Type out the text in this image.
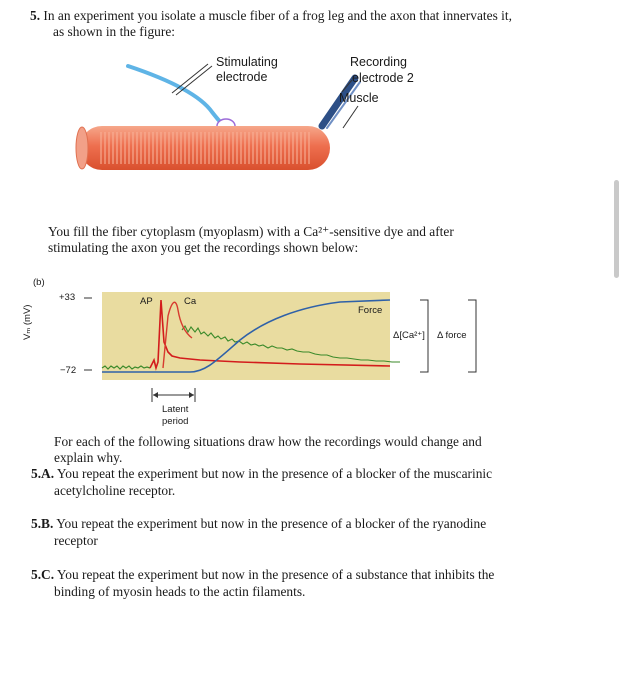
5. In an experiment you isolate a muscle fiber of a frog leg and the axon that innervates it,
as shown in the figure:
Stimulating
electrode
Recording
electrode 2
Muscle
You fill the fiber cytoplasm (myoplasm) with a Ca²⁺-sensitive dye and after
stimulating the axon you get the recordings shown below:
(b)
+33
−72
Vₘ (mV)
AP	Ca
Force
Δ[Ca²⁺] Δ force
Latent
period
For each of the following situations draw how the recordings would change and
explain why.
5.A. You repeat the experiment but now in the presence of a blocker of the muscarinic
acetylcholine receptor.
5.B. You repeat the experiment but now in the presence of a blocker of the ryanodine
receptor
5.C. You repeat the experiment but now in the presence of a substance that inhibits the
binding of myosin heads to the actin filaments.
